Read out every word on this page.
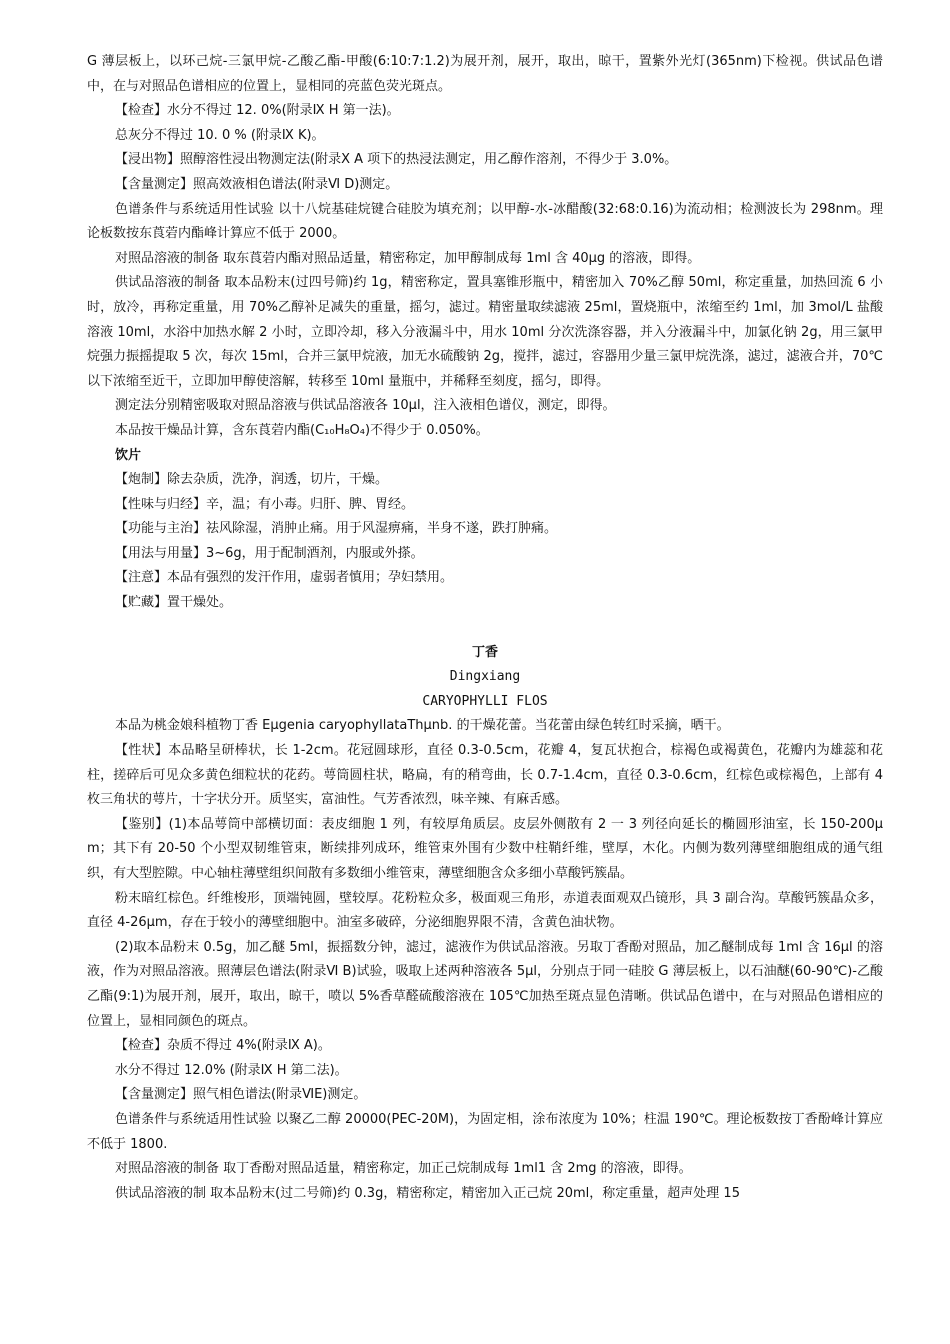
G 薄层板上，以环己烷-三氯甲烷-乙酸乙酯-甲酸(6:10:7:1.2)为展开剂，展开，取出，晾干，置紫外光灯(365nm)下检视。供试品色谱中，在与对照品色谱相应的位置上，显相同的亮蓝色荧光斑点。

【检查】水分不得过 12. 0%(附录Ⅸ H 第一法)。

总灰分不得过 10. 0 % (附录Ⅸ K)。

【浸出物】照醇溶性浸出物测定法(附录Ⅹ A 项下的热浸法测定，用乙醇作溶剂，不得少于 3.0%。

【含量测定】照高效液相色谱法(附录Ⅵ D)测定。

色谱条件与系统适用性试验 以十八烷基硅烷键合硅胶为填充剂；以甲醇-水-冰醋酸(32:68:0.16)为流动相；检测波长为 298nm。理论板数按东莨菪内酯峰计算应不低于 2000。

对照品溶液的制备 取东莨菪内酯对照品适量，精密称定，加甲醇制成每 1ml 含 40μg 的溶液，即得。

供试品溶液的制备 取本品粉末(过四号筛)约 1g，精密称定，置具塞锥形瓶中，精密加入 70%乙醇 50ml，称定重量，加热回流 6 小时，放冷，再称定重量，用 70%乙醇补足减失的重量，摇匀，滤过。精密量取续滤液 25ml，置烧瓶中，浓缩至约 1ml，加 3mol/L 盐酸溶液 10ml，水浴中加热水解 2 小时，立即冷却，移入分液漏斗中，用水 10ml 分次洗涤容器，并入分液漏斗中，加氯化钠 2g，用三氯甲烷强力振摇提取 5 次，每次 15ml，合并三氯甲烷液，加无水硫酸钠 2g，搅拌，滤过，容器用少量三氯甲烷洗涤，滤过，滤液合并，70℃以下浓缩至近干，立即加甲醇使溶解，转移至 10ml 量瓶中，并稀释至刻度，摇匀，即得。

测定法分别精密吸取对照品溶液与供试品溶液各 10μl，注入液相色谱仪，测定，即得。

本品按干燥品计算，含东莨菪内酯(C₁₀H₈O₄)不得少于 0.050%。

饮片

【炮制】除去杂质，洗净，润透，切片，干燥。

【性味与归经】辛，温；有小毒。归肝、脾、胃经。

【功能与主治】祛风除湿，消肿止痛。用于风湿痹痛，半身不遂，跌打肿痛。

【用法与用量】3~6g，用于配制酒剂，内服或外搽。

【注意】本品有强烈的发汗作用，虚弱者慎用；孕妇禁用。

【贮藏】置干燥处。

丁香

Dingxiang

CARYOPHYLLI FLOS

本品为桃金娘科植物丁香 Eμgenia caryophyllataThμnb. 的干燥花蕾。当花蕾由绿色转红时采摘，晒干。

【性状】本品略呈研棒状，长 1-2cm。花冠圆球形，直径 0.3-0.5cm，花瓣 4，复瓦状抱合，棕褐色或褐黄色，花瓣内为雄蕊和花柱，搓碎后可见众多黄色细粒状的花药。萼筒圆柱状，略扁，有的稍弯曲，长 0.7-1.4cm，直径 0.3-0.6cm，红棕色或棕褐色，上部有 4 枚三角状的萼片，十字状分开。质坚实，富油性。气芳香浓烈，味辛辣、有麻舌感。

【鉴别】(1)本品萼筒中部横切面：表皮细胞 1 列，有较厚角质层。皮层外侧散有 2 一 3 列径向延长的椭圆形油室，长 150-200μm；其下有 20-50 个小型双韧维管束，断续排列成环，维管束外围有少数中柱鞘纤维，壁厚，木化。内侧为数列薄壁细胞组成的通气组织，有大型腔隙。中心轴柱薄壁组织间散有多数细小维管束，薄壁细胞含众多细小草酸钙簇晶。

粉末暗红棕色。纤维梭形，顶端钝圆，壁较厚。花粉粒众多，极面观三角形，赤道表面观双凸镜形，具 3 副合沟。草酸钙簇晶众多，直径 4-26μm，存在于较小的薄壁细胞中。油室多破碎，分泌细胞界限不清，含黄色油状物。

(2)取本品粉末 0.5g，加乙醚 5ml，振摇数分钟，滤过，滤液作为供试品溶液。另取丁香酚对照品，加乙醚制成每 1ml 含 16μl 的溶液，作为对照品溶液。照薄层色谱法(附录Ⅵ B)试验，吸取上述两种溶液各 5μl，分别点于同一硅胶 G 薄层板上，以石油醚(60-90℃)-乙酸乙酯(9:1)为展开剂，展开，取出，晾干，喷以 5%香草醛硫酸溶液在 105℃加热至斑点显色清晰。供试品色谱中，在与对照品色谱相应的位置上，显相同颜色的斑点。

【检查】杂质不得过 4%(附录Ⅸ A)。

水分不得过 12.0% (附录Ⅸ H 第二法)。

【含量测定】照气相色谱法(附录ⅥE)测定。

色谱条件与系统适用性试验 以聚乙二醇 20000(PEC-20M)，为固定相，涂布浓度为 10%；柱温 190℃。理论板数按丁香酚峰计算应不低于 1800.

对照品溶液的制备 取丁香酚对照品适量，精密称定，加正己烷制成每 1ml1 含 2mg 的溶液，即得。

供试品溶液的制 取本品粉末(过二号筛)约 0.3g，精密称定，精密加入正己烷 20ml，称定重量，超声处理 15
